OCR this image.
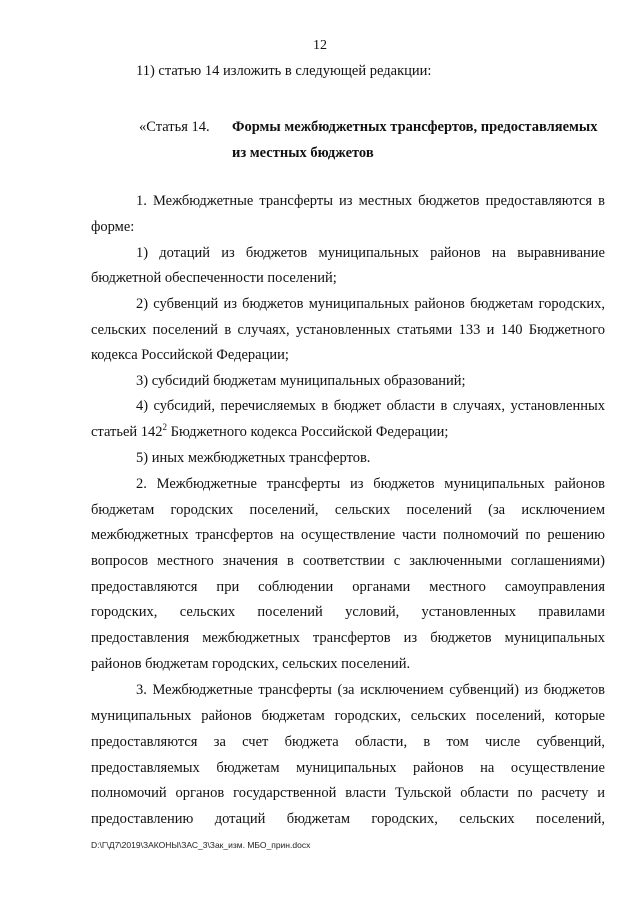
12
11) статью 14 изложить в следующей редакции:
«Статья 14. Формы межбюджетных трансфертов, предоставляемых
из местных бюджетов
1. Межбюджетные трансферты из местных бюджетов предоставляются в
форме:
1) дотаций из бюджетов муниципальных районов на выравнивание
бюджетной обеспеченности поселений;
2) субвенций из бюджетов муниципальных районов бюджетам городских,
сельских поселений в случаях, установленных статьями 133 и 140 Бюджетного
кодекса Российской Федерации;
3) субсидий бюджетам муниципальных образований;
4) субсидий, перечисляемых в бюджет области в случаях, установленных
статьей $142^2$ Бюджетного кодекса Российской Федерации;
5) иных межбюджетных трансфертов.
2. Межбюджетные трансферты из бюджетов муниципальных районов
бюджетам городских поселений, сельских поселений (за исключением
межбюджетных трансфертов на осуществление части полномочий по решению
вопросов местного значения в соответствии с заключенными соглашениями)
предоставляются при соблюдении органами местного самоуправления
городских, сельских поселений условий, установленных правилами
предоставления межбюджетных трансфертов из бюджетов муниципальных
районов бюджетам городских, сельских поселений.
3. Межбюджетные трансферты (за исключением субвенций) из бюджетов
муниципальных районов бюджетам городских, сельских поселений, которые
предоставляются за счет бюджета области, в том числе субвенций,
предоставляемых бюджетам муниципальных районов на осуществление
полномочий органов государственной власти Тульской области по расчету и
предоставлению дотаций бюджетам городских, сельских поселений,
D:\Г\Д7\2019\ЗАКОНЫ\ЗАС_3\Зак_изм. МБО_прин.docx
